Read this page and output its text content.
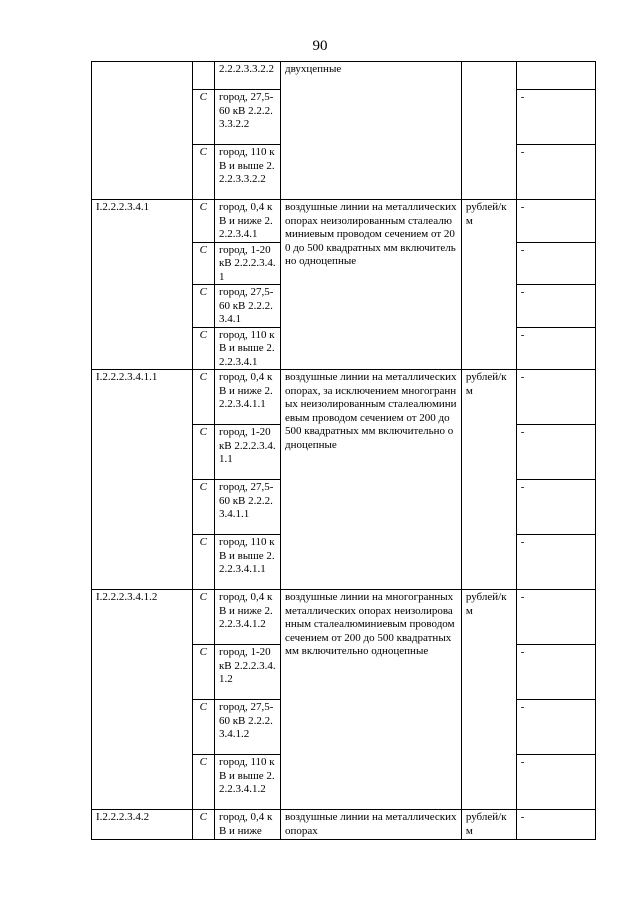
90
		2.2.2.3.3.2.2	двухцепные		
	C	город, 27,5-60 кВ 2.2.2.3.3.2.2			-
	C	город, 110 кВ и выше 2.2.2.3.3.2.2			-
I.2.2.2.3.4.1	C	город, 0,4 кВ и ниже 2.2.2.3.4.1	воздушные линии на металлических опорах неизолированным сталеалюминиевым проводом сечением от 200 до 500 квадратных мм включительно одноцепные	рублей/км	-
	C	город, 1-20 кВ 2.2.2.3.4.1			-
	C	город, 27,5-60 кВ 2.2.2.3.4.1			-
	C	город, 110 кВ и выше 2.2.2.3.4.1			-
I.2.2.2.3.4.1.1	C	город, 0,4 кВ и ниже 2.2.2.3.4.1.1	воздушные линии на металлических опорах, за исключением многогранных неизолированным сталеалюминиевым проводом сечением от 200 до 500 квадратных мм включительно одноцепные	рублей/км	-
	C	город, 1-20 кВ 2.2.2.3.4.1.1			-
	C	город, 27,5-60 кВ 2.2.2.3.4.1.1			-
	C	город, 110 кВ и выше 2.2.2.3.4.1.1			-
I.2.2.2.3.4.1.2	C	город, 0,4 кВ и ниже 2.2.2.3.4.1.2	воздушные линии на многогранных металлических опорах неизолированным сталеалюминиевым проводом сечением от 200 до 500 квадратных мм включительно одноцепные	рублей/км	-
	C	город, 1-20 кВ 2.2.2.3.4.1.2			-
	C	город, 27,5-60 кВ 2.2.2.3.4.1.2			-
	C	город, 110 кВ и выше 2.2.2.3.4.1.2			-
I.2.2.2.3.4.2	C	город, 0,4 кВ и ниже	воздушные линии на металлических опорах	рублей/км	-
